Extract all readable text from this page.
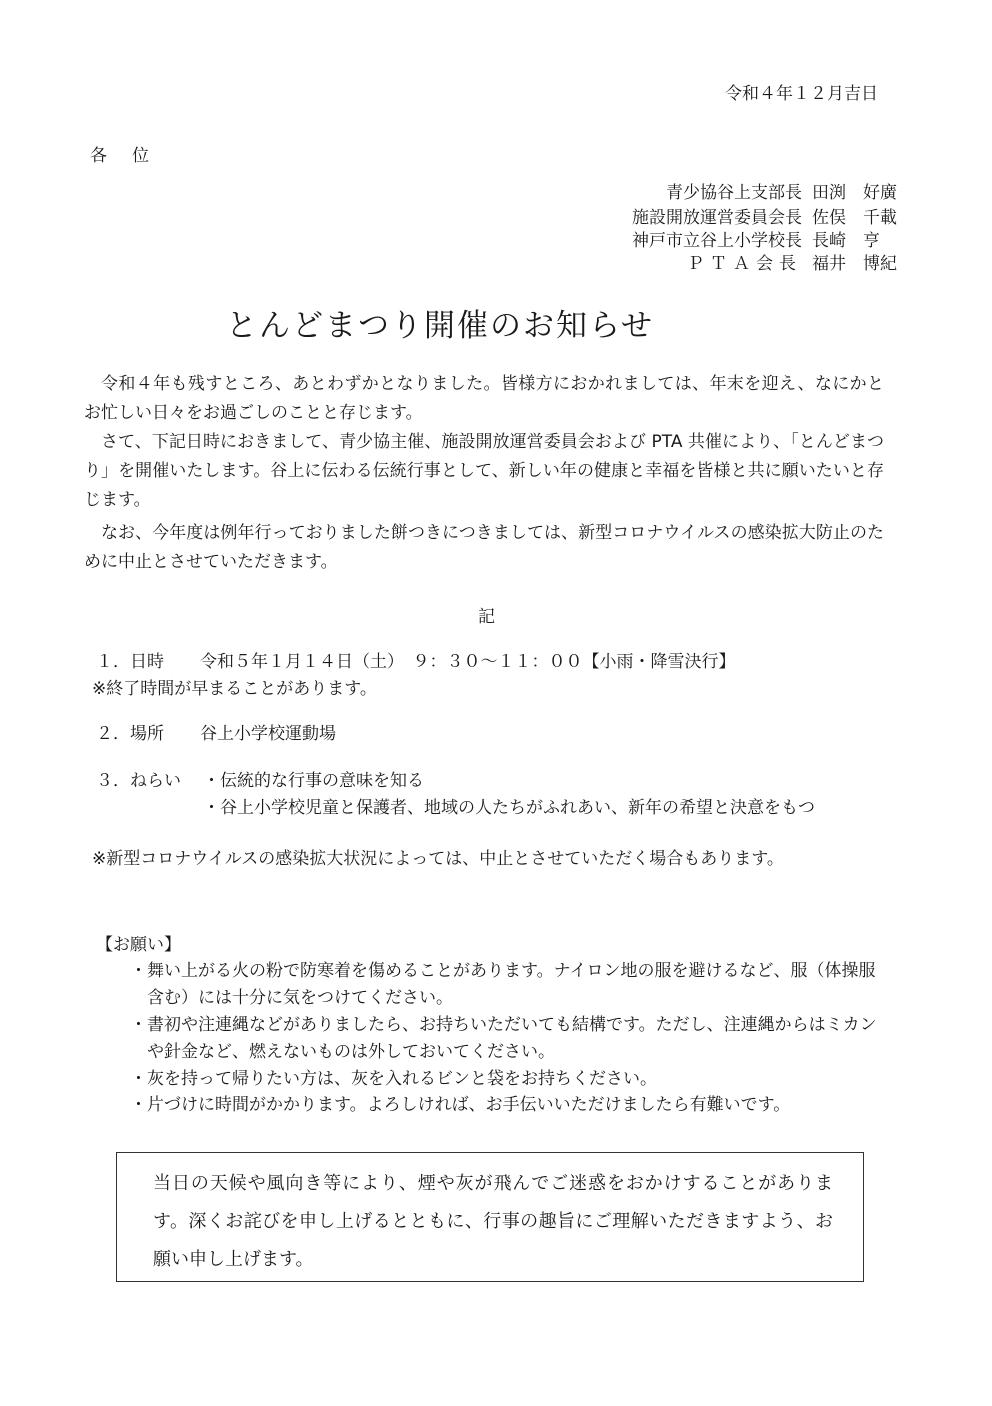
令和４年１２月吉日
各　位
青少協谷上支部長 田渕　好廣
施設開放運営委員会長 佐俣　千載
神戸市立谷上小学校長 長崎　亨
ＰＴＡ会長 福井　博紀
とんどまつり開催のお知らせ
令和４年も残すところ、あとわずかとなりました。皆様方におかれましては、年末を迎え、なにかとお忙しい日々をお過ごしのことと存じます。
さて、下記日時におきまして、青少協主催、施設開放運営委員会および PTA 共催により、「とんどまつり」を開催いたします。谷上に伝わる伝統行事として、新しい年の健康と幸福を皆様と共に願いたいと存じます。
なお、今年度は例年行っておりました餅つきにつきましては、新型コロナウイルスの感染拡大防止のために中止とさせていただきます。
記
１．日時 令和５年１月１４日（土）　９：３０～１１：００【小雨・降雪決行】
※終了時間が早まることがあります。
２．場所 谷上小学校運動場
３．ねらい ・伝統的な行事の意味を知る
・谷上小学校児童と保護者、地域の人たちがふれあい、新年の希望と決意をもつ
※新型コロナウイルスの感染拡大状況によっては、中止とさせていただく場合もあります。
【お願い】
・舞い上がる火の粉で防寒着を傷めることがあります。ナイロン地の服を避けるなど、服（体操服含む）には十分に気をつけてください。
・書初や注連縄などがありましたら、お持ちいただいても結構です。ただし、注連縄からはミカンや針金など、燃えないものは外しておいてください。
・灰を持って帰りたい方は、灰を入れるビンと袋をお持ちください。
・片づけに時間がかかります。よろしければ、お手伝いいただけましたら有難いです。

当日の天候や風向き等により、煙や灰が飛んでご迷惑をおかけすることがあります。深くお詫びを申し上げるとともに、行事の趣旨にご理解いただきますよう、お願い申し上げます。
